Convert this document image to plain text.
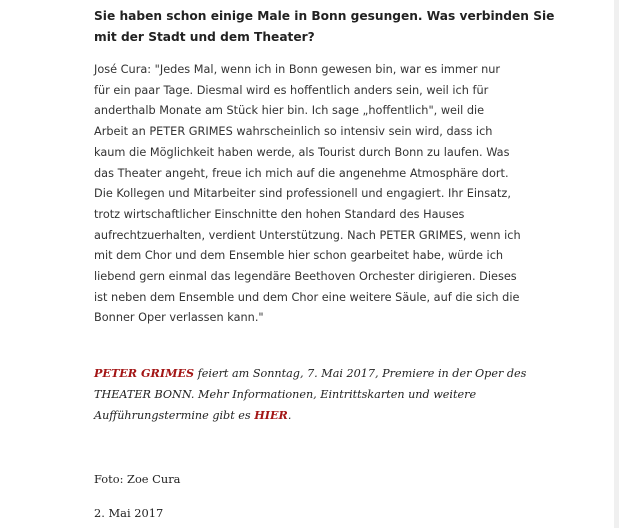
Sie haben schon einige Male in Bonn gesungen. Was verbinden Sie
mit der Stadt und dem Theater?

José Cura: "Jedes Mal, wenn ich in Bonn gewesen bin, war es immer nur
für ein paar Tage. Diesmal wird es hoffentlich anders sein, weil ich für
anderthalb Monate am Stück hier bin. Ich sage „hoffentlich", weil die
Arbeit an PETER GRIMES wahrscheinlich so intensiv sein wird, dass ich
kaum die Möglichkeit haben werde, als Tourist durch Bonn zu laufen. Was
das Theater angeht, freue ich mich auf die angenehme Atmosphäre dort.
Die Kollegen und Mitarbeiter sind professionell und engagiert. Ihr Einsatz,
trotz wirtschaftlicher Einschnitte den hohen Standard des Hauses
aufrechtzuerhalten, verdient Unterstützung. Nach PETER GRIMES, wenn ich
mit dem Chor und dem Ensemble hier schon gearbeitet habe, würde ich
liebend gern einmal das legendäre Beethoven Orchester dirigieren. Dieses
ist neben dem Ensemble und dem Chor eine weitere Säule, auf die sich die
Bonner Oper verlassen kann."

PETER GRIMES feiert am Sonntag, 7. Mai 2017, Premiere in der Oper des
THEATER BONN. Mehr Informationen, Eintrittskarten und weitere
Aufführungstermine gibt es HIER.

Foto: Zoe Cura

2. Mai 2017
